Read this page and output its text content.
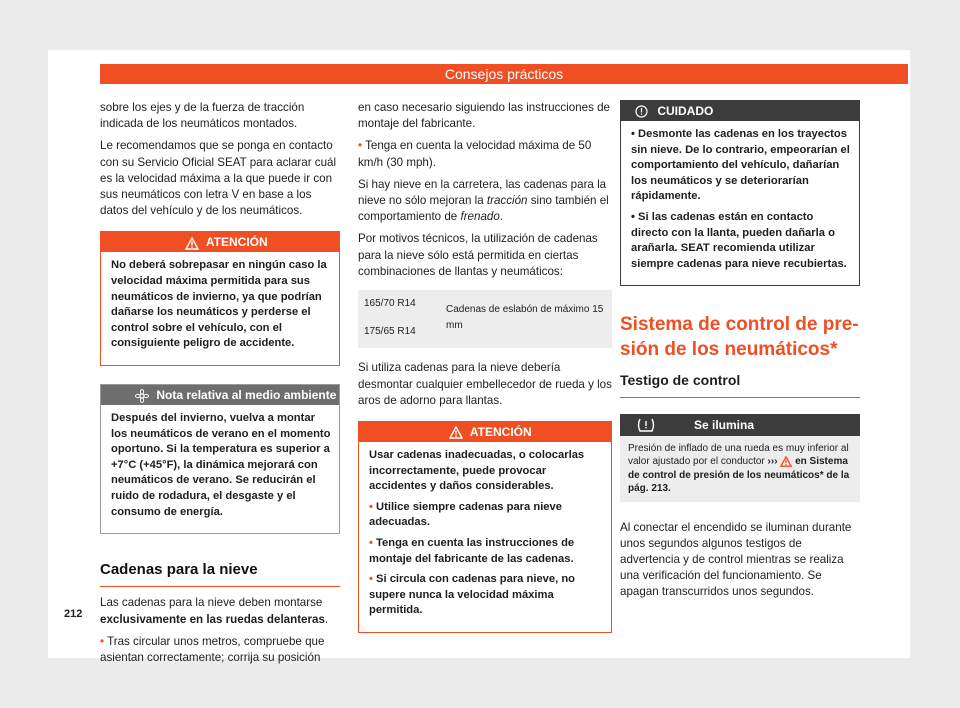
Consejos prácticos

sobre los ejes y de la fuerza de tracción indicada de los neumáticos montados.

Le recomendamos que se ponga en contacto con su Servicio Oficial SEAT para aclarar cuál es la velocidad máxima a la que puede ir con sus neumáticos con letra V en base a los datos del vehículo y de los neumáticos.

ATENCIÓN

No deberá sobrepasar en ningún caso la velocidad máxima permitida para sus neumáticos de invierno, ya que podrían dañarse los neumáticos y perderse el control sobre el vehículo, con el consiguiente peligro de accidente.

Nota relativa al medio ambiente

Después del invierno, vuelva a montar los neumáticos de verano en el momento oportuno. Si la temperatura es superior a +7°C (+45°F), la dinámica mejorará con neumáticos de verano. Se reducirán el ruido de rodadura, el desgaste y el consumo de energía.

Cadenas para la nieve

Las cadenas para la nieve deben montarse exclusivamente en las ruedas delanteras.

• Tras circular unos metros, compruebe que asientan correctamente; corrija su posición

212

en caso necesario siguiendo las instrucciones de montaje del fabricante.

• Tenga en cuenta la velocidad máxima de 50 km/h (30 mph).

Si hay nieve en la carretera, las cadenas para la nieve no sólo mejoran la tracción sino también el comportamiento de frenado.

Por motivos técnicos, la utilización de cadenas para la nieve sólo está permitida en ciertas combinaciones de llantas y neumáticos:

165/70 R14
175/65 R14
Cadenas de eslabón de máximo 15 mm

Si utiliza cadenas para la nieve debería desmontar cualquier embellecedor de rueda y los aros de adorno para llantas.

ATENCIÓN

Usar cadenas inadecuadas, o colocarlas incorrectamente, puede provocar accidentes y daños considerables.

• Utilice siempre cadenas para nieve adecuadas.

• Tenga en cuenta las instrucciones de montaje del fabricante de las cadenas.

• Si circula con cadenas para nieve, no supere nunca la velocidad máxima permitida.

CUIDADO

• Desmonte las cadenas en los trayectos sin nieve. De lo contrario, empeorarían el comportamiento del vehículo, dañarían los neumáticos y se deteriorarían rápidamente.

• Si las cadenas están en contacto directo con la llanta, pueden dañarla o arañarla. SEAT recomienda utilizar siempre cadenas para nieve recubiertas.

Sistema de control de pre-
sión de los neumáticos*
Testigo de control
Se ilumina
Presión de inflado de una rueda es muy inferior al valor ajustado por el conductor ›››  en Sistema de control de presión de los neumáticos* de la pág. 213.

Al conectar el encendido se iluminan durante unos segundos algunos testigos de advertencia y de control mientras se realiza una verificación del funcionamiento. Se apagan transcurridos unos segundos.
